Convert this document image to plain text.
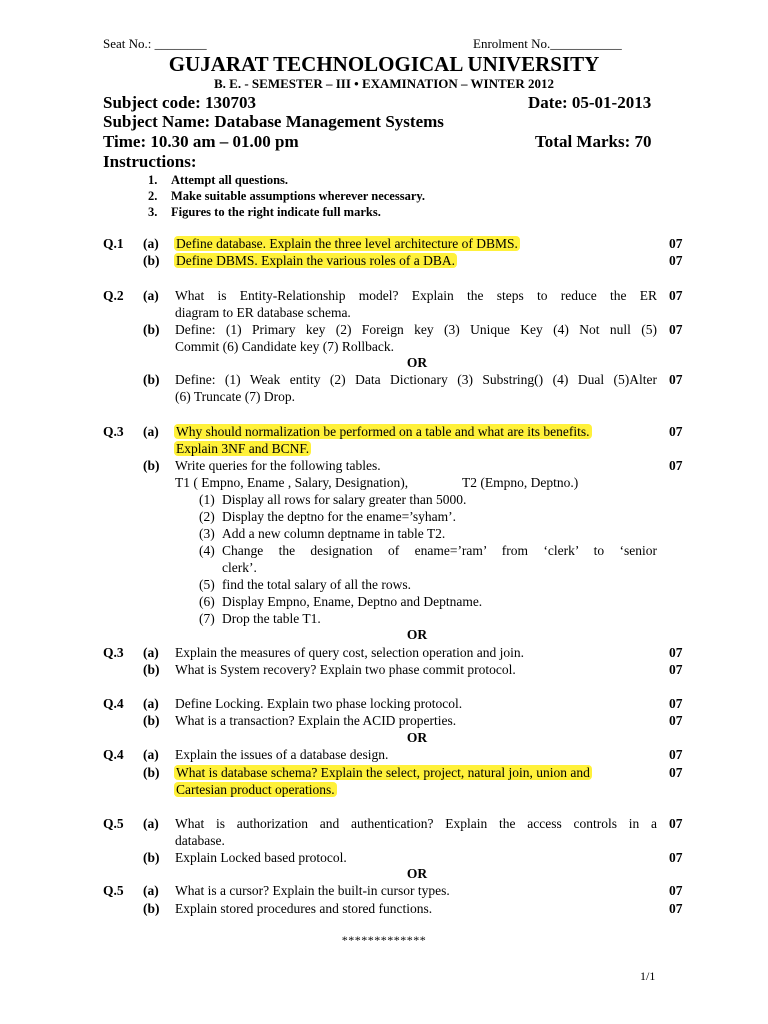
Seat No.: ________	Enrolment No.___________
GUJARAT TECHNOLOGICAL UNIVERSITY
B. E. - SEMESTER – III • EXAMINATION – WINTER 2012
Subject code: 130703	Date: 05-01-2013
Subject Name: Database Management Systems
Time: 10.30 am – 01.00 pm	Total Marks: 70
Instructions:
1. Attempt all questions.
2. Make suitable assumptions wherever necessary.
3. Figures to the right indicate full marks.
Q.1 (a) Define database. Explain the three level architecture of DBMS.	07
(b) Define DBMS. Explain the various roles of a DBA.	07
Q.2 (a) What is Entity-Relationship model? Explain the steps to reduce the ER
diagram to ER database schema.
07
(b) Define: (1) Primary key (2) Foreign key (3) Unique Key (4) Not null (5)
Commit (6) Candidate key (7) Rollback.
07
OR
(b) Define: (1) Weak entity (2) Data Dictionary (3) Substring() (4) Dual (5)Alter
(6) Truncate (7) Drop.
07
Q.3 (a) Why should normalization be performed on a table and what are its benefits.
Explain 3NF and BCNF.
07
(b) Write queries for the following tables.	07
T1 ( Empno, Ename , Salary, Designation),	T2 (Empno, Deptno.)
(1) Display all rows for salary greater than 5000.
(2) Display the deptno for the ename=’syham’.
(3) Add a new column deptname in table T2.
(4) Change the designation of ename=’ram’ from ‘clerk’ to ‘senior
clerk’.
(5) find the total salary of all the rows.
(6) Display Empno, Ename, Deptno and Deptname.
(7) Drop the table T1.
OR
Q.3 (a) Explain the measures of query cost, selection operation and join.	07
(b) What is System recovery? Explain two phase commit protocol.	07
Q.4 (a) Define Locking. Explain two phase locking protocol.	07
(b) What is a transaction? Explain the ACID properties.	07
OR
Q.4 (a) Explain the issues of a database design.	07
(b) What is database schema? Explain the select, project, natural join, union and
Cartesian product operations.
07
Q.5 (a) What is authorization and authentication? Explain the access controls in a
database.
07
(b) Explain Locked based protocol.	07
OR
Q.5 (a) What is a cursor? Explain the built-in cursor types.	07
(b) Explain stored procedures and stored functions.	07
*************
1/1
